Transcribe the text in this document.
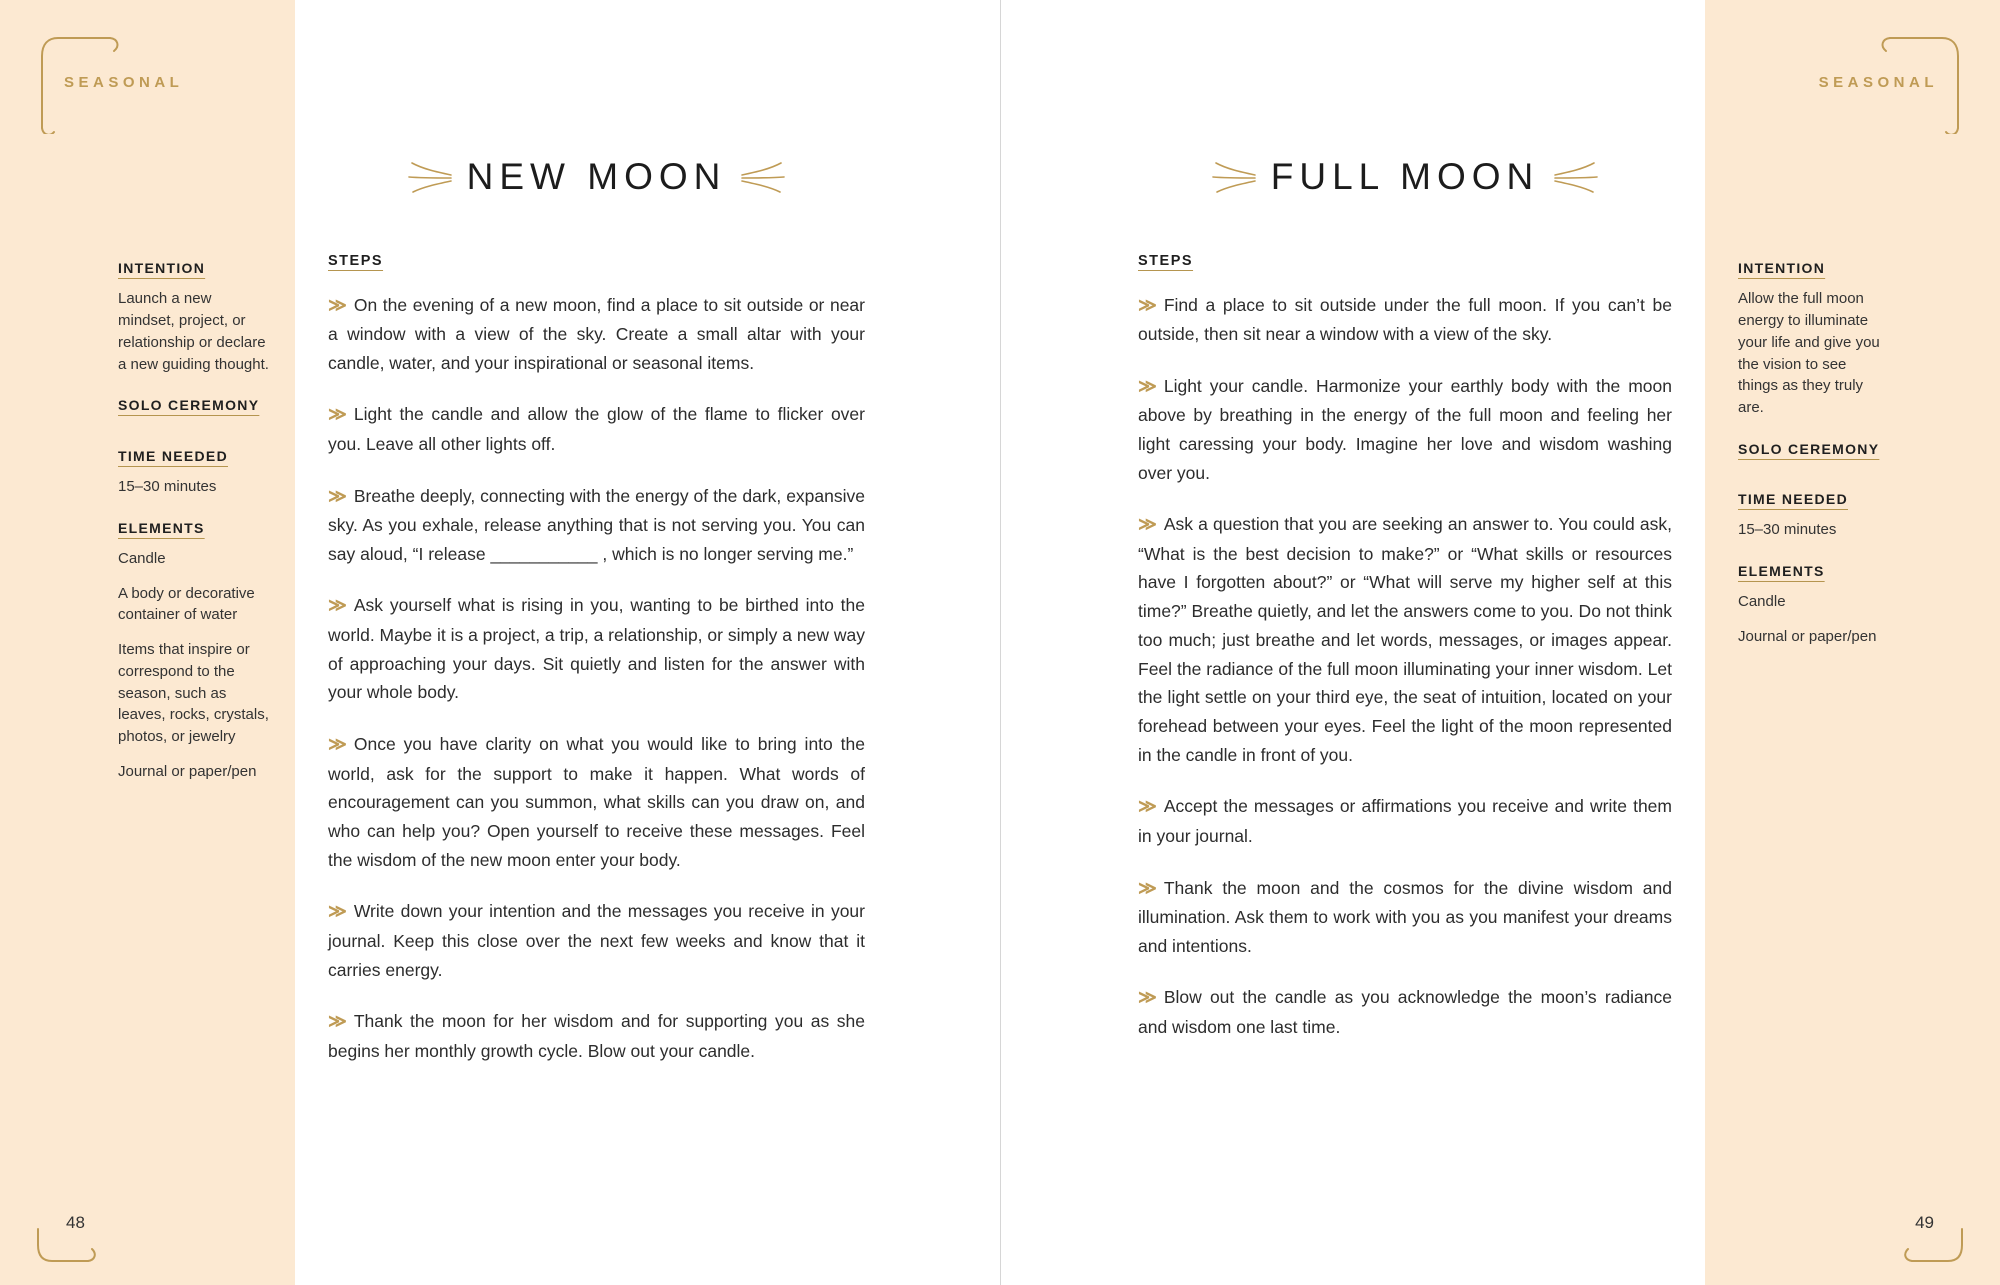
SEASONAL
INTENTION

Launch a new mindset, project, or relationship or declare a new guiding thought.

SOLO CEREMONY
TIME NEEDED

15–30 minutes

ELEMENTS

Candle

A body or decorative container of water

Items that inspire or correspond to the season, such as leaves, rocks, crystals, photos, or jewelry

Journal or paper/pen

48
NEW MOON
STEPS

≫ On the evening of a new moon, find a place to sit outside or near a window with a view of the sky. Create a small altar with your candle, water, and your inspirational or seasonal items.

≫ Light the candle and allow the glow of the flame to flicker over you. Leave all other lights off.

≫ Breathe deeply, connecting with the energy of the dark, expansive sky. As you exhale, release anything that is not serving you. You can say aloud, “I release ___________ , which is no longer serving me.”

≫ Ask yourself what is rising in you, wanting to be birthed into the world. Maybe it is a project, a trip, a relationship, or simply a new way of approaching your days. Sit quietly and listen for the answer with your whole body.

≫ Once you have clarity on what you would like to bring into the world, ask for the support to make it happen. What words of encouragement can you summon, what skills can you draw on, and who can help you? Open yourself to receive these messages. Feel the wisdom of the new moon enter your body.

≫ Write down your intention and the messages you receive in your journal. Keep this close over the next few weeks and know that it carries energy.

≫ Thank the moon for her wisdom and for supporting you as she begins her monthly growth cycle. Blow out your candle.

FULL MOON
STEPS

≫ Find a place to sit outside under the full moon. If you can’t be outside, then sit near a window with a view of the sky.

≫ Light your candle. Harmonize your earthly body with the moon above by breathing in the energy of the full moon and feeling her light caressing your body. Imagine her love and wisdom washing over you.

≫ Ask a question that you are seeking an answer to. You could ask, “What is the best decision to make?” or “What skills or resources have I forgotten about?” or “What will serve my higher self at this time?” Breathe quietly, and let the answers come to you. Do not think too much; just breathe and let words, messages, or images appear. Feel the radiance of the full moon illuminating your inner wisdom. Let the light settle on your third eye, the seat of intuition, located on your forehead between your eyes. Feel the light of the moon represented in the candle in front of you.

≫ Accept the messages or affirmations you receive and write them in your journal.

≫ Thank the moon and the cosmos for the divine wisdom and illumination. Ask them to work with you as you manifest your dreams and intentions.

≫ Blow out the candle as you acknowledge the moon’s radiance and wisdom one last time.

SEASONAL
INTENTION

Allow the full moon energy to illuminate your life and give you the vision to see things as they truly are.

SOLO CEREMONY
TIME NEEDED

15–30 minutes

ELEMENTS

Candle

Journal or paper/pen

49
